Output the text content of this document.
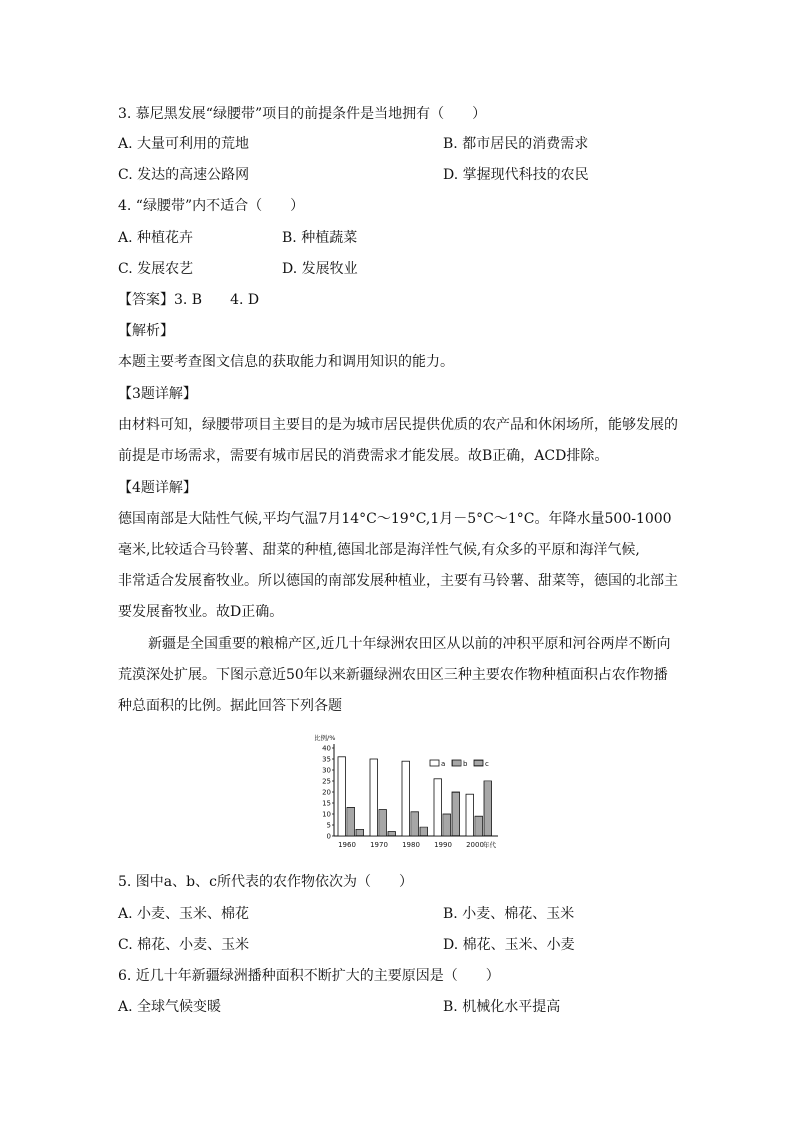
3. 慕尼黑发展“绿腰带”项目的前提条件是当地拥有（　　）
A. 大量可利用的荒地	B. 都市居民的消费需求
C. 发达的高速公路网	D. 掌握现代科技的农民
4. “绿腰带”内不适合（　　）
A. 种植花卉	B. 种植蔬菜
C. 发展农艺	D. 发展牧业
【答案】3. B　　4. D
【解析】
本题主要考查图文信息的获取能力和调用知识的能力。
【3题详解】
由材料可知，绿腰带项目主要目的是为城市居民提供优质的农产品和休闲场所，能够发展的
前提是市场需求，需要有城市居民的消费需求才能发展。故B正确，ACD排除。
【4题详解】
德国南部是大陆性气候,平均气温7月14°C～19°C,1月－5°C～1°C。年降水量500-1000
毫米,比较适合马铃薯、甜菜的种植,德国北部是海洋性气候,有众多的平原和海洋气候,
非常适合发展畜牧业。所以德国的南部发展种植业，主要有马铃薯、甜菜等，德国的北部主
要发展畜牧业。故D正确。
新疆是全国重要的粮棉产区,近几十年绿洲农田区从以前的冲积平原和河谷两岸不断向
荒漠深处扩展。下图示意近50年以来新疆绿洲农田区三种主要农作物种植面积占农作物播
种总面积的比例。据此回答下列各题
比例/%
0
5
10
15
20
25
30
35
40
1960 1970 1980 1990 2000 年代
a	b	c
5. 图中a、b、c所代表的农作物依次为（　　）
A. 小麦、玉米、棉花	B. 小麦、棉花、玉米
C. 棉花、小麦、玉米	D. 棉花、玉米、小麦
6. 近几十年新疆绿洲播种面积不断扩大的主要原因是（　　）
A. 全球气候变暖	B. 机械化水平提高
